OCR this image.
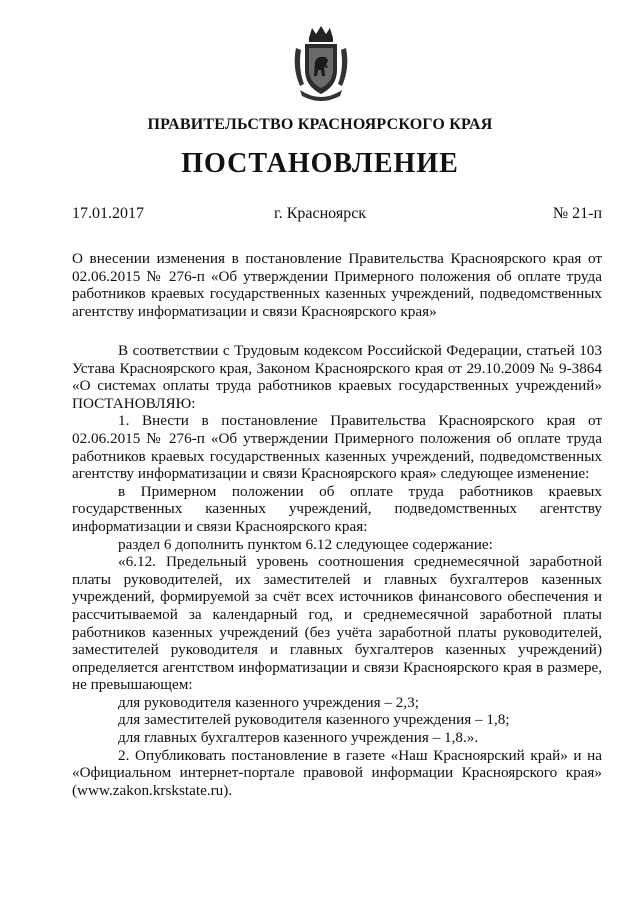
ПРАВИТЕЛЬСТВО КРАСНОЯРСКОГО КРАЯ
ПОСТАНОВЛЕНИЕ
17.01.2017	г. Красноярск	№ 21-п

О внесении изменения в постановление Правительства Красноярского края от 02.06.2015 № 276-п «Об утверждении Примерного положения об оплате труда работников краевых государственных казенных учреждений, подведомственных агентству информатизации и связи Красноярского края»

В соответствии с Трудовым кодексом Российской Федерации, статьей 103 Устава Красноярского края, Законом Красноярского края от 29.10.2009 № 9-3864 «О системах оплаты труда работников краевых государственных учреждений» ПОСТАНОВЛЯЮ:

1. Внести в постановление Правительства Красноярского края от 02.06.2015 № 276-п «Об утверждении Примерного положения об оплате труда работников краевых государственных казенных учреждений, подведомственных агентству информатизации и связи Красноярского края» следующее изменение:

в Примерном положении об оплате труда работников краевых государственных казенных учреждений, подведомственных агентству информатизации и связи Красноярского края:

раздел 6 дополнить пунктом 6.12 следующее содержание:

«6.12. Предельный уровень соотношения среднемесячной заработной платы руководителей, их заместителей и главных бухгалтеров казенных учреждений, формируемой за счёт всех источников финансового обеспечения и рассчитываемой за календарный год, и среднемесячной заработной платы работников казенных учреждений (без учёта заработной платы руководителей, заместителей руководителя и главных бухгалтеров казенных учреждений) определяется агентством информатизации и связи Красноярского края в размере, не превышающем:

для руководителя казенного учреждения – 2,3;

для заместителей руководителя казенного учреждения – 1,8;

для главных бухгалтеров казенного учреждения – 1,8.».

2. Опубликовать постановление в газете «Наш Красноярский край» и на «Официальном интернет-портале правовой информации Красноярского края» (www.zakon.krskstate.ru).
